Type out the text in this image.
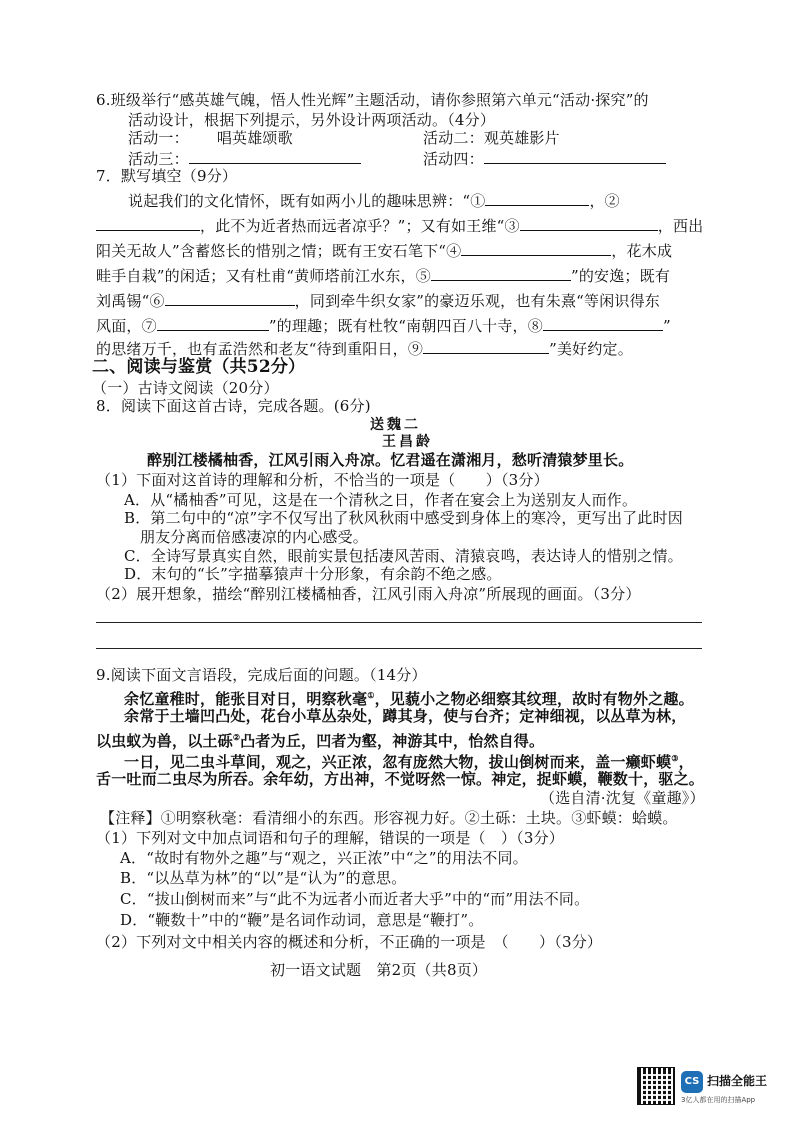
6.班级举行“感英雄气魄，悟人性光辉”主题活动，请你参照第六单元“活动·探究”的
活动设计，根据下列提示，另外设计两项活动。（4分）
活动一： 唱英雄颂歌	活动二：观英雄影片
活动三：	活动四：
7．默写填空（9分）
说起我们的文化情怀，既有如两小儿的趣味思辨：“①	，②
，此不为近者热而远者凉乎？”；又有如王维“③	，西出
阳关无故人”含蓄悠长的惜别之情；既有王安石笔下“④	，花木成
畦手自栽”的闲适；又有杜甫“黄师塔前江水东，⑤	”的安逸；既有
刘禹锡“⑥	，同到牵牛织女家”的豪迈乐观，也有朱熹“等闲识得东
风面，⑦	”的理趣；既有杜牧“南朝四百八十寺，⑧	”
的思绪万千，也有孟浩然和老友“待到重阳日，⑨	”美好约定。
二、阅读与鉴赏（共52分）
（一）古诗文阅读（20分）
8．阅读下面这首古诗，完成各题。(6分)
送魏二
王昌龄
醉别江楼橘柚香，江风引雨入舟凉。忆君遥在潇湘月，愁听清猿梦里长。
（1）下面对这首诗的理解和分析，不恰当的一项是（　　）（3分）
A．从“橘柚香”可见，这是在一个清秋之日，作者在宴会上为送别友人而作。
B．第二句中的“凉”字不仅写出了秋风秋雨中感受到身体上的寒冷，更写出了此时因
朋友分离而倍感凄凉的内心感受。
C．全诗写景真实自然，眼前实景包括凄风苦雨、清猿哀鸣，表达诗人的惜别之情。
D．末句的“长”字描摹猿声十分形象，有余韵不绝之感。
（2）展开想象，描绘“醉别江楼橘柚香，江风引雨入舟凉”所展现的画面。（3分）
9.阅读下面文言语段，完成后面的问题。（14分）
余忆童稚时，能张目对日，明察秋毫①，见藐小之物必细察其纹理，故时有物外之趣。
余常于土墙凹凸处，花台小草丛杂处，蹲其身，使与台齐；定神细视，以丛草为林，
以虫蚁为兽，以土砾②凸者为丘，凹者为壑，神游其中，怡然自得。
一日，见二虫斗草间，观之，兴正浓，忽有庞然大物，拔山倒树而来，盖一癞虾蟆③，
舌一吐而二虫尽为所吞。余年幼，方出神，不觉呀然一惊。神定，捉虾蟆，鞭数十，驱之。
（选自清·沈复《童趣》）
【注释】①明察秋毫：看清细小的东西。形容视力好。②土砾：土块。③虾蟆：蛤蟆。
（1）下列对文中加点词语和句子的理解，错误的一项是（　）（3分）
A．“故时有物外之趣”与“观之，兴正浓”中“之”的用法不同。
B．“以丛草为林”的“以”是“认为”的意思。
C．“拔山倒树而来”与“此不为远者小而近者大乎”中的“而”用法不同。
D．“鞭数十”中的“鞭”是名词作动词，意思是“鞭打”。
（2）下列对文中相关内容的概述和分析，不正确的一项是　（　　）（3分）
初一语文试题　第2页（共8页）
CS 扫描全能王
3亿人都在用的扫描App
